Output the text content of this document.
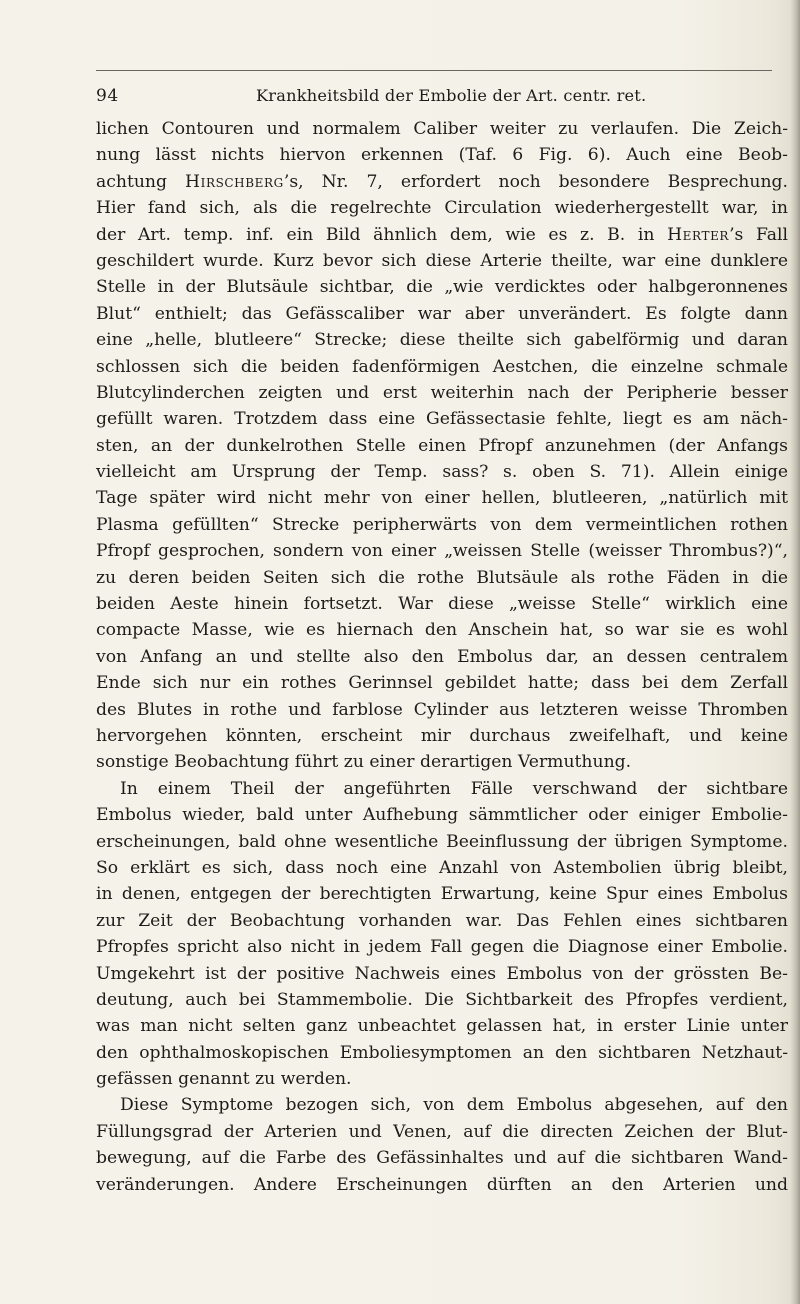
94	Krankheitsbild der Embolie der Art. centr. ret.
lichen Contouren und normalem Caliber weiter zu verlaufen. Die Zeich-
nung lässt nichts hiervon erkennen (Taf. 6 Fig. 6). Auch eine Beob-
achtung Hirschberg’s, Nr. 7, erfordert noch besondere Besprechung.
Hier fand sich, als die regelrechte Circulation wiederhergestellt war, in
der Art. temp. inf. ein Bild ähnlich dem, wie es z. B. in Herter’s Fall
geschildert wurde. Kurz bevor sich diese Arterie theilte, war eine dunklere
Stelle in der Blutsäule sichtbar, die „wie verdicktes oder halbgeronnenes
Blut“ enthielt; das Gefässcaliber war aber unverändert. Es folgte dann
eine „helle, blutleere“ Strecke; diese theilte sich gabelförmig und daran
schlossen sich die beiden fadenförmigen Aestchen, die einzelne schmale
Blutcylinderchen zeigten und erst weiterhin nach der Peripherie besser
gefüllt waren. Trotzdem dass eine Gefässectasie fehlte, liegt es am näch-
sten, an der dunkelrothen Stelle einen Pfropf anzunehmen (der Anfangs
vielleicht am Ursprung der Temp. sass? s. oben S. 71). Allein einige
Tage später wird nicht mehr von einer hellen, blutleeren, „natürlich mit
Plasma gefüllten“ Strecke peripherwärts von dem vermeintlichen rothen
Pfropf gesprochen, sondern von einer „weissen Stelle (weisser Thrombus?)“,
zu deren beiden Seiten sich die rothe Blutsäule als rothe Fäden in die
beiden Aeste hinein fortsetzt. War diese „weisse Stelle“ wirklich eine
compacte Masse, wie es hiernach den Anschein hat, so war sie es wohl
von Anfang an und stellte also den Embolus dar, an dessen centralem
Ende sich nur ein rothes Gerinnsel gebildet hatte; dass bei dem Zerfall
des Blutes in rothe und farblose Cylinder aus letzteren weisse Thromben
hervorgehen könnten, erscheint mir durchaus zweifelhaft, und keine
sonstige Beobachtung führt zu einer derartigen Vermuthung.
In einem Theil der angeführten Fälle verschwand der sichtbare
Embolus wieder, bald unter Aufhebung sämmtlicher oder einiger Embolie-
erscheinungen, bald ohne wesentliche Beeinflussung der übrigen Symptome.
So erklärt es sich, dass noch eine Anzahl von Astembolien übrig bleibt,
in denen, entgegen der berechtigten Erwartung, keine Spur eines Embolus
zur Zeit der Beobachtung vorhanden war. Das Fehlen eines sichtbaren
Pfropfes spricht also nicht in jedem Fall gegen die Diagnose einer Embolie.
Umgekehrt ist der positive Nachweis eines Embolus von der grössten Be-
deutung, auch bei Stammembolie. Die Sichtbarkeit des Pfropfes verdient,
was man nicht selten ganz unbeachtet gelassen hat, in erster Linie unter
den ophthalmoskopischen Emboliesymptomen an den sichtbaren Netzhaut-
gefässen genannt zu werden.
Diese Symptome bezogen sich, von dem Embolus abgesehen, auf den
Füllungsgrad der Arterien und Venen, auf die directen Zeichen der Blut-
bewegung, auf die Farbe des Gefässinhaltes und auf die sichtbaren Wand-
veränderungen. Andere Erscheinungen dürften an den Arterien und
